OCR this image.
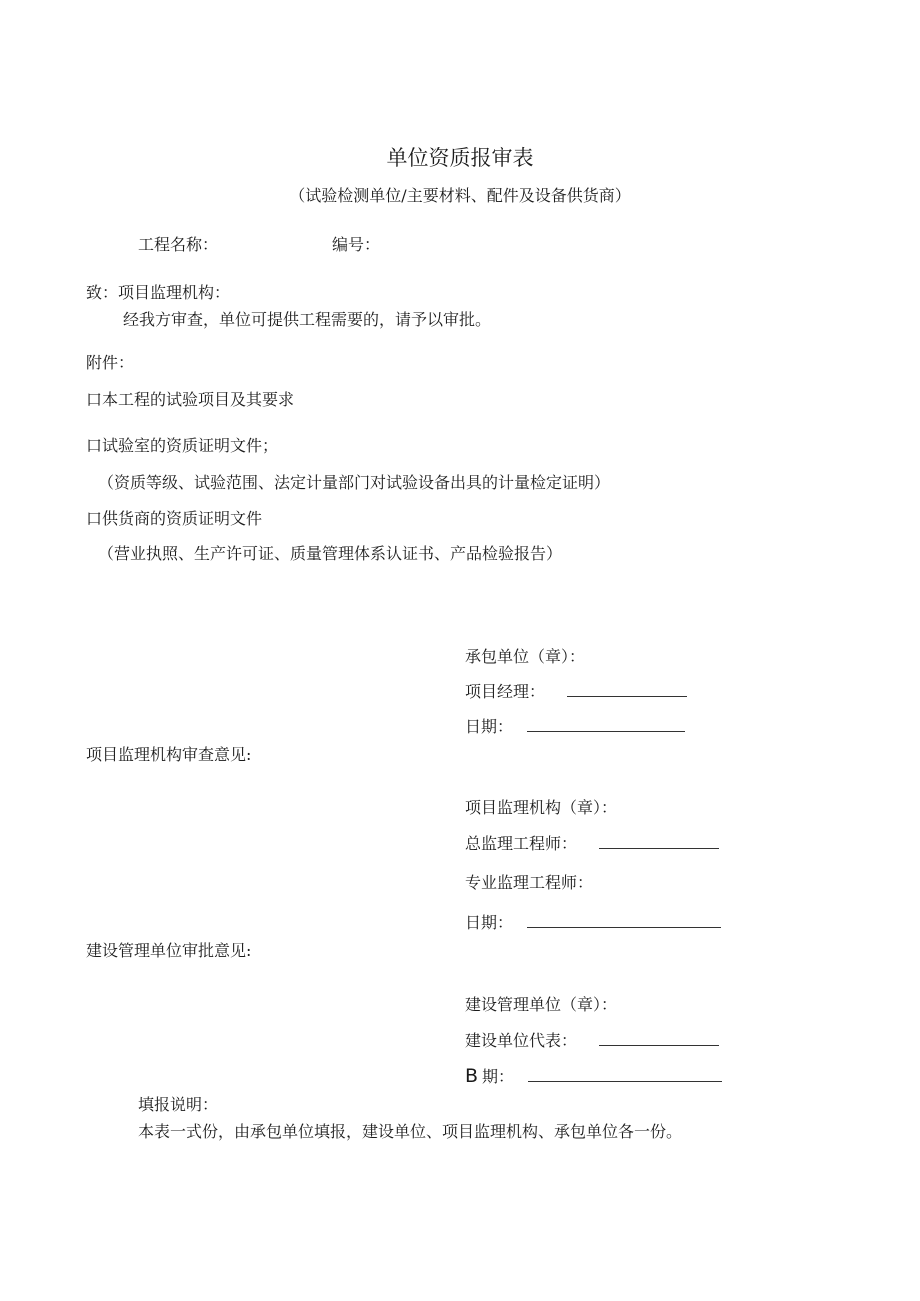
单位资质报审表
（试验检测单位/主要材料、配件及设备供货商）
工程名称：	编号：
致：项目监理机构：
经我方审查，单位可提供工程需要的，请予以审批。
附件：
口本工程的试验项目及其要求
口试验室的资质证明文件；
（资质等级、试验范围、法定计量部门对试验设备出具的计量检定证明）
口供货商的资质证明文件
（营业执照、生产许可证、质量管理体系认证书、产品检验报告）
承包单位（章）：
项目经理：
日期：
项目监理机构审查意见:
项目监理机构（章）：
总监理工程师：
专业监理工程师：
日期：
建设管理单位审批意见:
建设管理单位（章）：
建设单位代表：
B 期：
填报说明：
本表一式份，由承包单位填报，建设单位、项目监理机构、承包单位各一份。
